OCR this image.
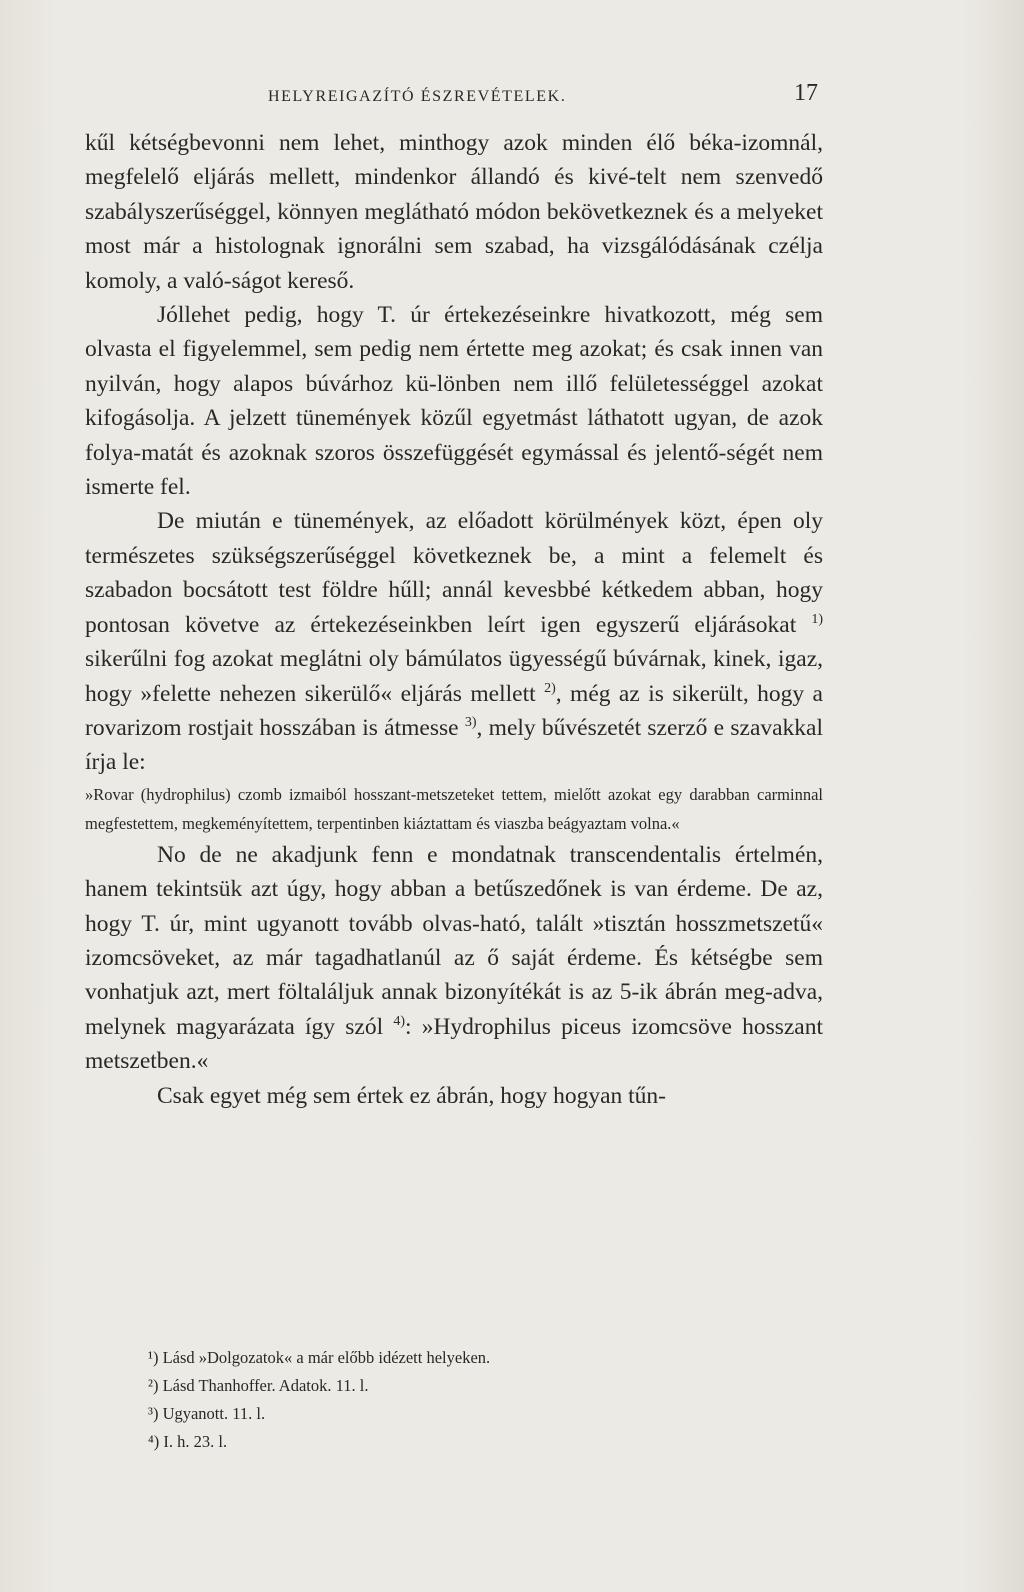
HELYREIGAZÍTÓ ÉSZREVÉTELEK.	17

kűl kétségbevonni nem lehet, minthogy azok minden élő béka-izomnál, megfelelő eljárás mellett, mindenkor állandó és kivé-telt nem szenvedő szabályszerűséggel, könnyen meglátható módon bekövetkeznek és a melyeket most már a histolognak ignorálni sem szabad, ha vizsgálódásának czélja komoly, a való-ságot kereső.

Jóllehet pedig, hogy T. úr értekezéseinkre hivatkozott, még sem olvasta el figyelemmel, sem pedig nem értette meg azokat; és csak innen van nyilván, hogy alapos búvárhoz kü-lönben nem illő felületességgel azokat kifogásolja. A jelzett tünemények közűl egyetmást láthatott ugyan, de azok folya-matát és azoknak szoros összefüggését egymással és jelentő-ségét nem ismerte fel.

De miután e tünemények, az előadott körülmények közt, épen oly természetes szükségszerűséggel következnek be, a mint a felemelt és szabadon bocsátott test földre hűll; annál kevesbbé kétkedem abban, hogy pontosan követve az értekezéseinkben leírt igen egyszerű eljárásokat $^{1)}$ sikerűlni fog azokat meglátni oly bámúlatos ügyességű búvárnak, kinek, igaz, hogy »felette nehezen sikerülő« eljárás mellett $^{2)}$, még az is sikerült, hogy a rovarizom rostjait hosszában is átmesse $^{3)}$, mely bűvészetét szerző e szavakkal írja le:

»Rovar (hydrophilus) czomb izmaiból hosszant-metszeteket tettem, mielőtt azokat egy darabban carminnal megfestettem, megkeményítettem, terpentinben kiáztattam és viaszba beágyaztam volna.«

No de ne akadjunk fenn e mondatnak transcendentalis értelmén, hanem tekintsük azt úgy, hogy abban a betűszedőnek is van érdeme. De az, hogy T. úr, mint ugyanott tovább olvas-ható, talált »tisztán hosszmetszetű« izomcsöveket, az már tagadhatlanúl az ő saját érdeme. És kétségbe sem vonhatjuk azt, mert föltaláljuk annak bizonyítékát is az 5-ik ábrán meg-adva, melynek magyarázata így szól $^{4)}$: »Hydrophilus piceus izomcsöve hosszant metszetben.«

Csak egyet még sem értek ez ábrán, hogy hogyan tűn-

¹) Lásd »Dolgozatok« a már előbb idézett helyeken.
²) Lásd Thanhoffer. Adatok. 11. l.
³) Ugyanott. 11. l.
⁴) I. h. 23. l.
